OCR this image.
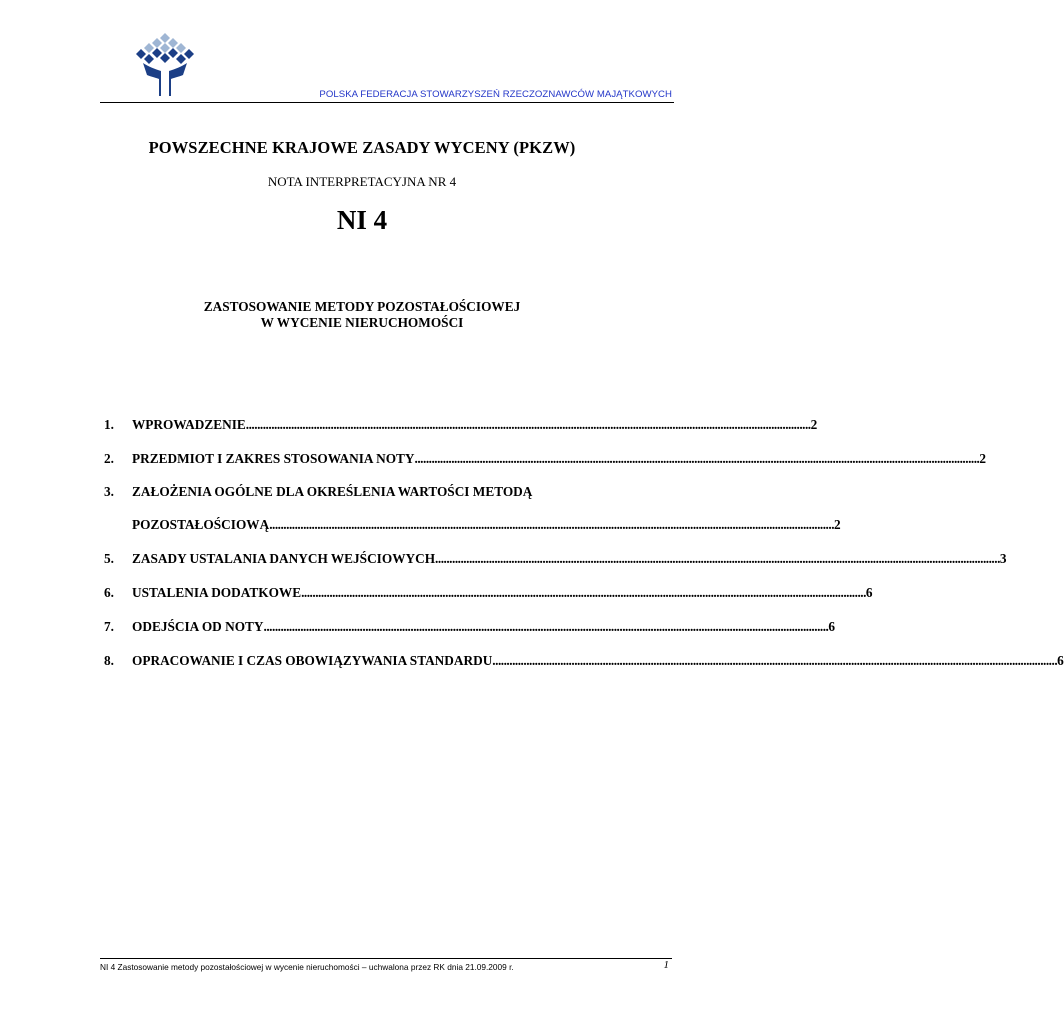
POLSKA FEDERACJA STOWARZYSZEŃ RZECZOZNAWCÓW MAJĄTKOWYCH
POWSZECHNE KRAJOWE ZASADY WYCENY (PKZW)
NOTA INTERPRETACYJNA NR 4
NI 4
ZASTOSOWANIE METODY POZOSTAŁOŚCIOWEJ
W WYCENIE NIERUCHOMOŚCI
1. WPROWADZENIE ........................................................................................................................................................................................................ 2
2. PRZEDMIOT I ZAKRES STOSOWANIA NOTY ........................................................................................................................................................................................................ 2
3. ZAŁOŻENIA OGÓLNE DLA OKREŚLENIA WARTOŚCI METODĄ
POZOSTAŁOŚCIOWĄ ........................................................................................................................................................................................................ 2
5. ZASADY USTALANIA DANYCH WEJŚCIOWYCH ........................................................................................................................................................................................................ 3
6. USTALENIA DODATKOWE ........................................................................................................................................................................................................ 6
7. ODEJŚCIA OD NOTY ........................................................................................................................................................................................................ 6
8. OPRACOWANIE I CZAS OBOWIĄZYWANIA STANDARDU ........................................................................................................................................................................................................ 6
NI 4 Zastosowanie metody pozostałościowej w wycenie nieruchomości – uchwalona przez RK dnia 21.09.2009 r.	1
